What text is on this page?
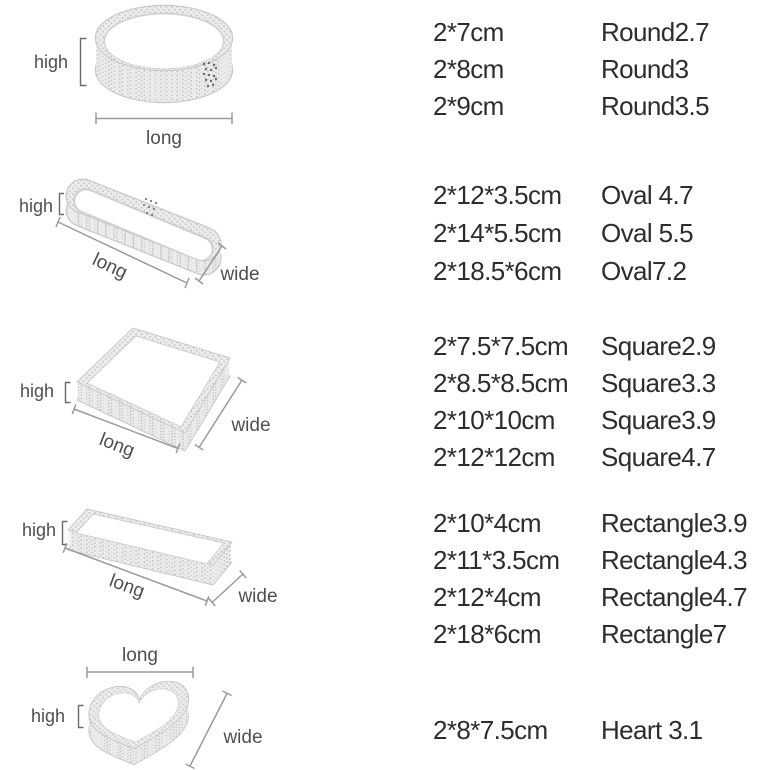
high
long
high
long	wide
high
long
wide
high
long	wide
long
high
wide
2*7cm	Round2.7
2*8cm	Round3
2*9cm	Round3.5
2*12*3.5cm Oval 4.7
2*14*5.5cm Oval 5.5
2*18.5*6cm Oval7.2
2*7.5*7.5cm Square2.9
2*8.5*8.5cm Square3.3
2*10*10cm Square3.9
2*12*12cm Square4.7
2*10*4cm Rectangle3.9
2*11*3.5cm Rectangle4.3
2*12*4cm Rectangle4.7
2*18*6cm Rectangle7
2*8*7.5cm Heart 3.1
